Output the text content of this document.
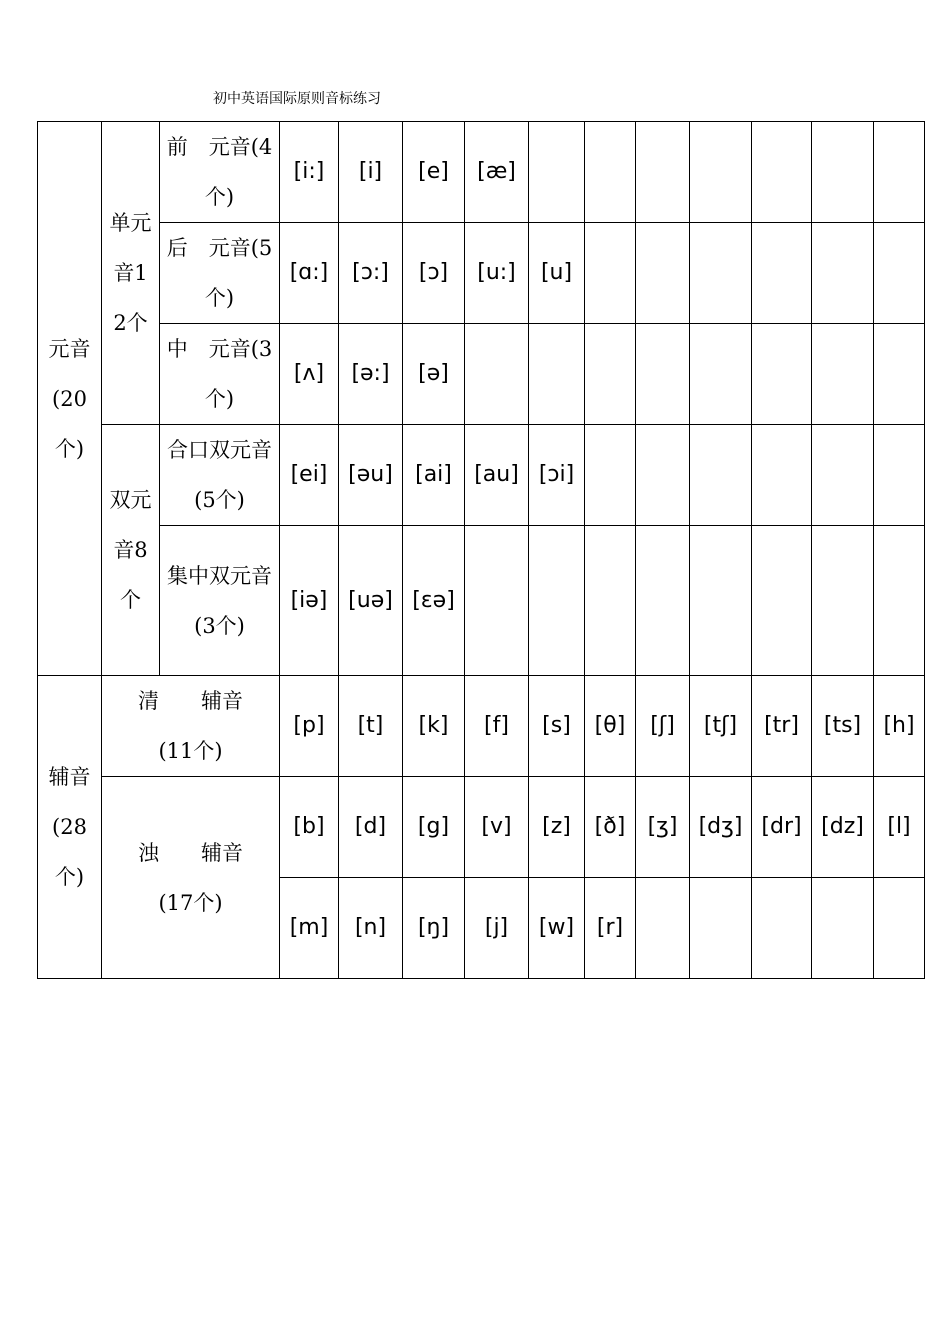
初中英语国际原则音标练习
元音(20个)	单元音12个	前　元音(4个)	[i:]	[i]	[e]	[æ]							
		后　元音(5个)	[ɑ:]	[ɔ:]	[ɔ]	[u:]	[u]						
		中　元音(3个)	[ʌ]	[ə:]	[ə]								
	双元音8个	合口双元音(5个)	[ei]	[əu]	[ai]	[au]	[ɔi]						
		集中双元音(3个)	[iə]	[uə]	[ɛə]								
辅音(28个)	清　　辅音(11个)		[p]	[t]	[k]	[f]	[s]	[θ]	[ʃ]	[tʃ]	[tr]	[ts]	[h]
	浊　　辅音(17个)		[b]	[d]	[g]	[v]	[z]	[ð]	[ʒ]	[dʒ]	[dr]	[dz]	[l]
			[m]	[n]	[ŋ]	[j]	[w]	[r]					
